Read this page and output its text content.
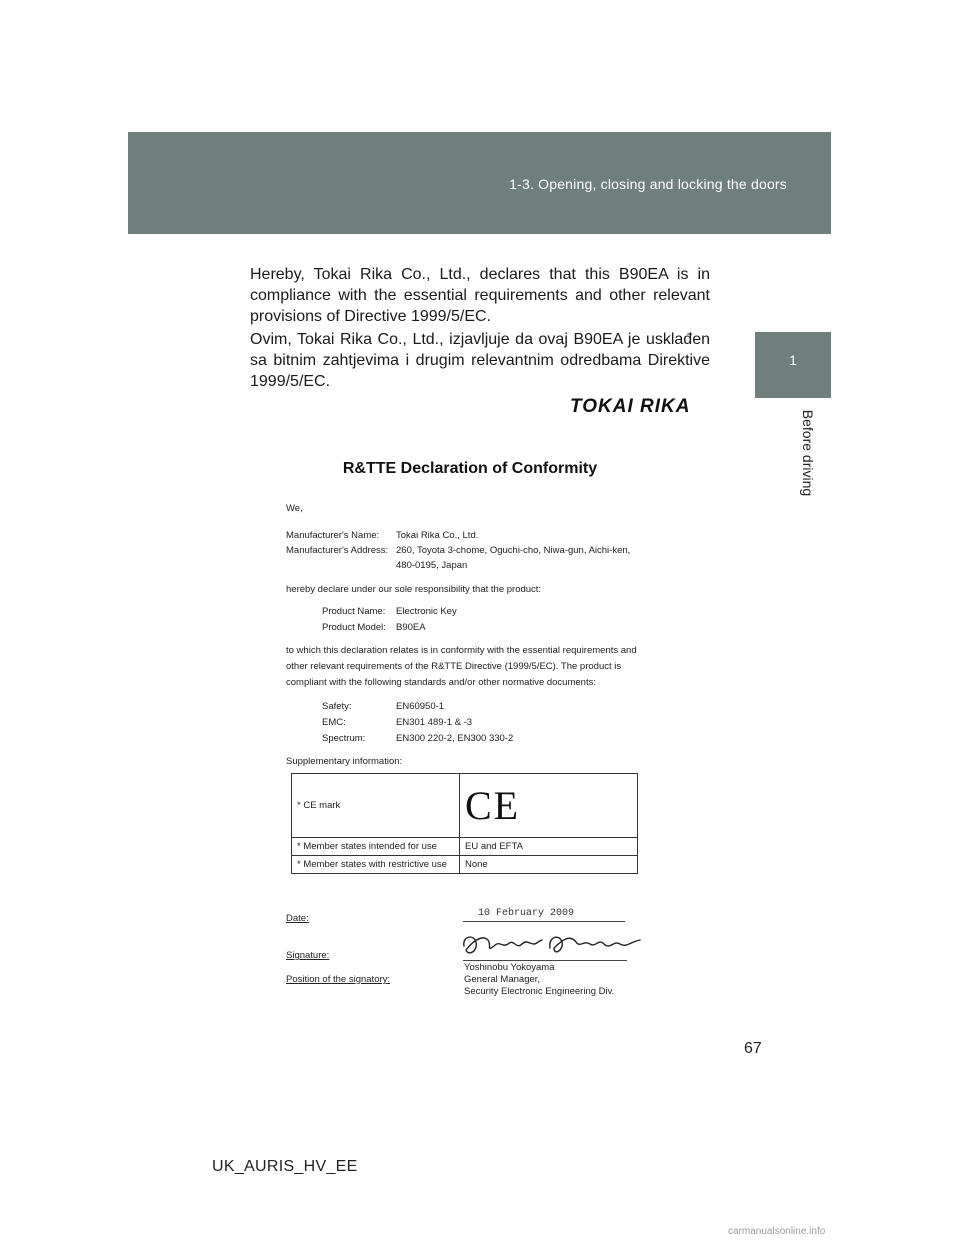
1-3. Opening, closing and locking the doors
1
Before driving
Hereby, Tokai Rika Co., Ltd., declares that this B90EA is in compliance with the essential requirements and other relevant provisions of Directive 1999/5/EC.
Ovim, Tokai Rika Co., Ltd., izjavljuje da ovaj B90EA je usklađen sa bitnim zahtjevima i drugim relevantnim odredbama Direktive 1999/5/EC.
TOKAI RIKA
R&TTE Declaration of Conformity
We,
Manufacturer's Name: Tokai Rika Co., Ltd.
Manufacturer's Address: 260, Toyota 3-chome, Oguchi-cho, Niwa-gun, Aichi-ken,
480-0195, Japan
hereby declare under our sole responsibility that the product:
Product Name: Electronic Key
Product Model: B90EA
to which this declaration relates is in conformity with the essential requirements and
other relevant requirements of the R&TTE Directive (1999/5/EC). The product is
compliant with the following standards and/or other normative documents:
Safety:	EN60950-1
EMC:	EN301 489-1 & -3
Spectrum:	EN300 220-2, EN300 330-2
Supplementary information:
* CE mark	CE
* Member states intended for use	EU and EFTA
* Member states with restrictive use	None
Date:	10 February 2009
Signature:
Yoshinobu Yokoyama
Position of the signatory:	General Manager,
Security Electronic Engineering Div.
67
UK_AURIS_HV_EE
carmanualsonline.info
